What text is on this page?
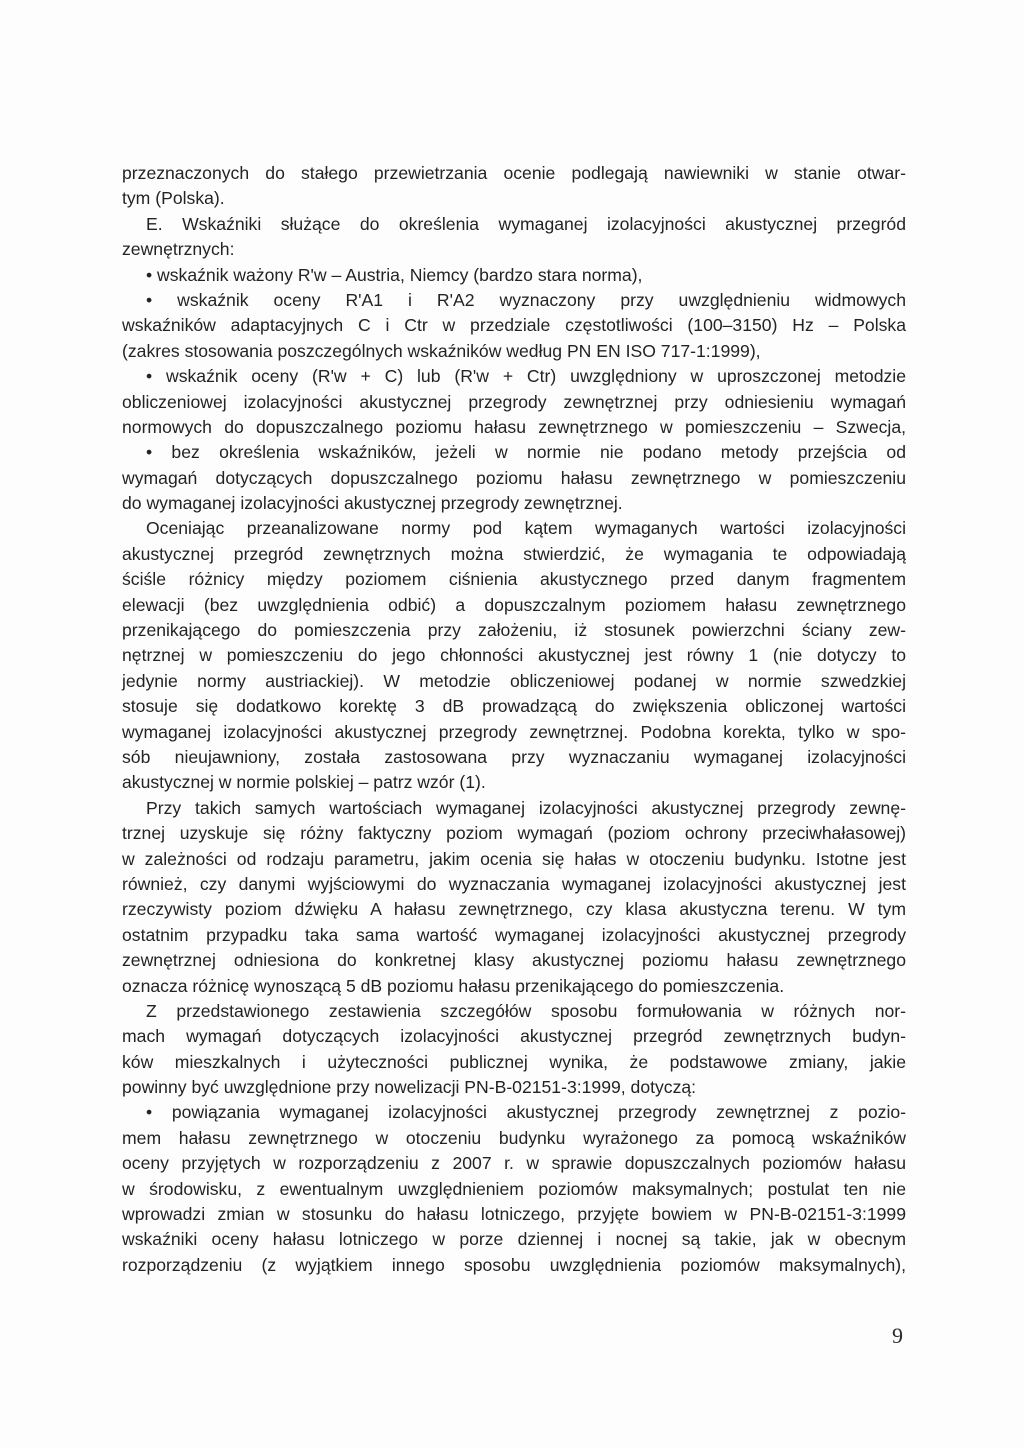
przeznaczonych do stałego przewietrzania ocenie podlegają nawiewniki w stanie otwar-
tym (Polska).
E. Wskaźniki służące do określenia wymaganej izolacyjności akustycznej przegród
zewnętrznych:
• wskaźnik ważony R'w – Austria, Niemcy (bardzo stara norma),
• wskaźnik oceny R'A1 i R'A2 wyznaczony przy uwzględnieniu widmowych
wskaźników adaptacyjnych C i Ctr w przedziale częstotliwości (100–3150) Hz – Polska
(zakres stosowania poszczególnych wskaźników według PN EN ISO 717-1:1999),
• wskaźnik oceny (R'w + C) lub (R'w + Ctr) uwzględniony w uproszczonej metodzie
obliczeniowej izolacyjności akustycznej przegrody zewnętrznej przy odniesieniu wymagań
normowych do dopuszczalnego poziomu hałasu zewnętrznego w pomieszczeniu – Szwecja,
• bez określenia wskaźników, jeżeli w normie nie podano metody przejścia od
wymagań dotyczących dopuszczalnego poziomu hałasu zewnętrznego w pomieszczeniu
do wymaganej izolacyjności akustycznej przegrody zewnętrznej.
Oceniając przeanalizowane normy pod kątem wymaganych wartości izolacyjności
akustycznej przegród zewnętrznych można stwierdzić, że wymagania te odpowiadają
ściśle różnicy między poziomem ciśnienia akustycznego przed danym fragmentem
elewacji (bez uwzględnienia odbić) a dopuszczalnym poziomem hałasu zewnętrznego
przenikającego do pomieszczenia przy założeniu, iż stosunek powierzchni ściany zew-
nętrznej w pomieszczeniu do jego chłonności akustycznej jest równy 1 (nie dotyczy to
jedynie normy austriackiej). W metodzie obliczeniowej podanej w normie szwedzkiej
stosuje się dodatkowo korektę 3 dB prowadzącą do zwiększenia obliczonej wartości
wymaganej izolacyjności akustycznej przegrody zewnętrznej. Podobna korekta, tylko w spo-
sób nieujawniony, została zastosowana przy wyznaczaniu wymaganej izolacyjności
akustycznej w normie polskiej – patrz wzór (1).
Przy takich samych wartościach wymaganej izolacyjności akustycznej przegrody zewnę-
trznej uzyskuje się różny faktyczny poziom wymagań (poziom ochrony przeciwhałasowej)
w zależności od rodzaju parametru, jakim ocenia się hałas w otoczeniu budynku. Istotne jest
również, czy danymi wyjściowymi do wyznaczania wymaganej izolacyjności akustycznej jest
rzeczywisty poziom dźwięku A hałasu zewnętrznego, czy klasa akustyczna terenu. W tym
ostatnim przypadku taka sama wartość wymaganej izolacyjności akustycznej przegrody
zewnętrznej odniesiona do konkretnej klasy akustycznej poziomu hałasu zewnętrznego
oznacza różnicę wynoszącą 5 dB poziomu hałasu przenikającego do pomieszczenia.
Z przedstawionego zestawienia szczegółów sposobu formułowania w różnych nor-
mach wymagań dotyczących izolacyjności akustycznej przegród zewnętrznych budyn-
ków mieszkalnych i użyteczności publicznej wynika, że podstawowe zmiany, jakie
powinny być uwzględnione przy nowelizacji PN-B-02151-3:1999, dotyczą:
• powiązania wymaganej izolacyjności akustycznej przegrody zewnętrznej z pozio-
mem hałasu zewnętrznego w otoczeniu budynku wyrażonego za pomocą wskaźników
oceny przyjętych w rozporządzeniu z 2007 r. w sprawie dopuszczalnych poziomów hałasu
w środowisku, z ewentualnym uwzględnieniem poziomów maksymalnych; postulat ten nie
wprowadzi zmian w stosunku do hałasu lotniczego, przyjęte bowiem w PN-B-02151-3:1999
wskaźniki oceny hałasu lotniczego w porze dziennej i nocnej są takie, jak w obecnym
rozporządzeniu (z wyjątkiem innego sposobu uwzględnienia poziomów maksymalnych),
9
